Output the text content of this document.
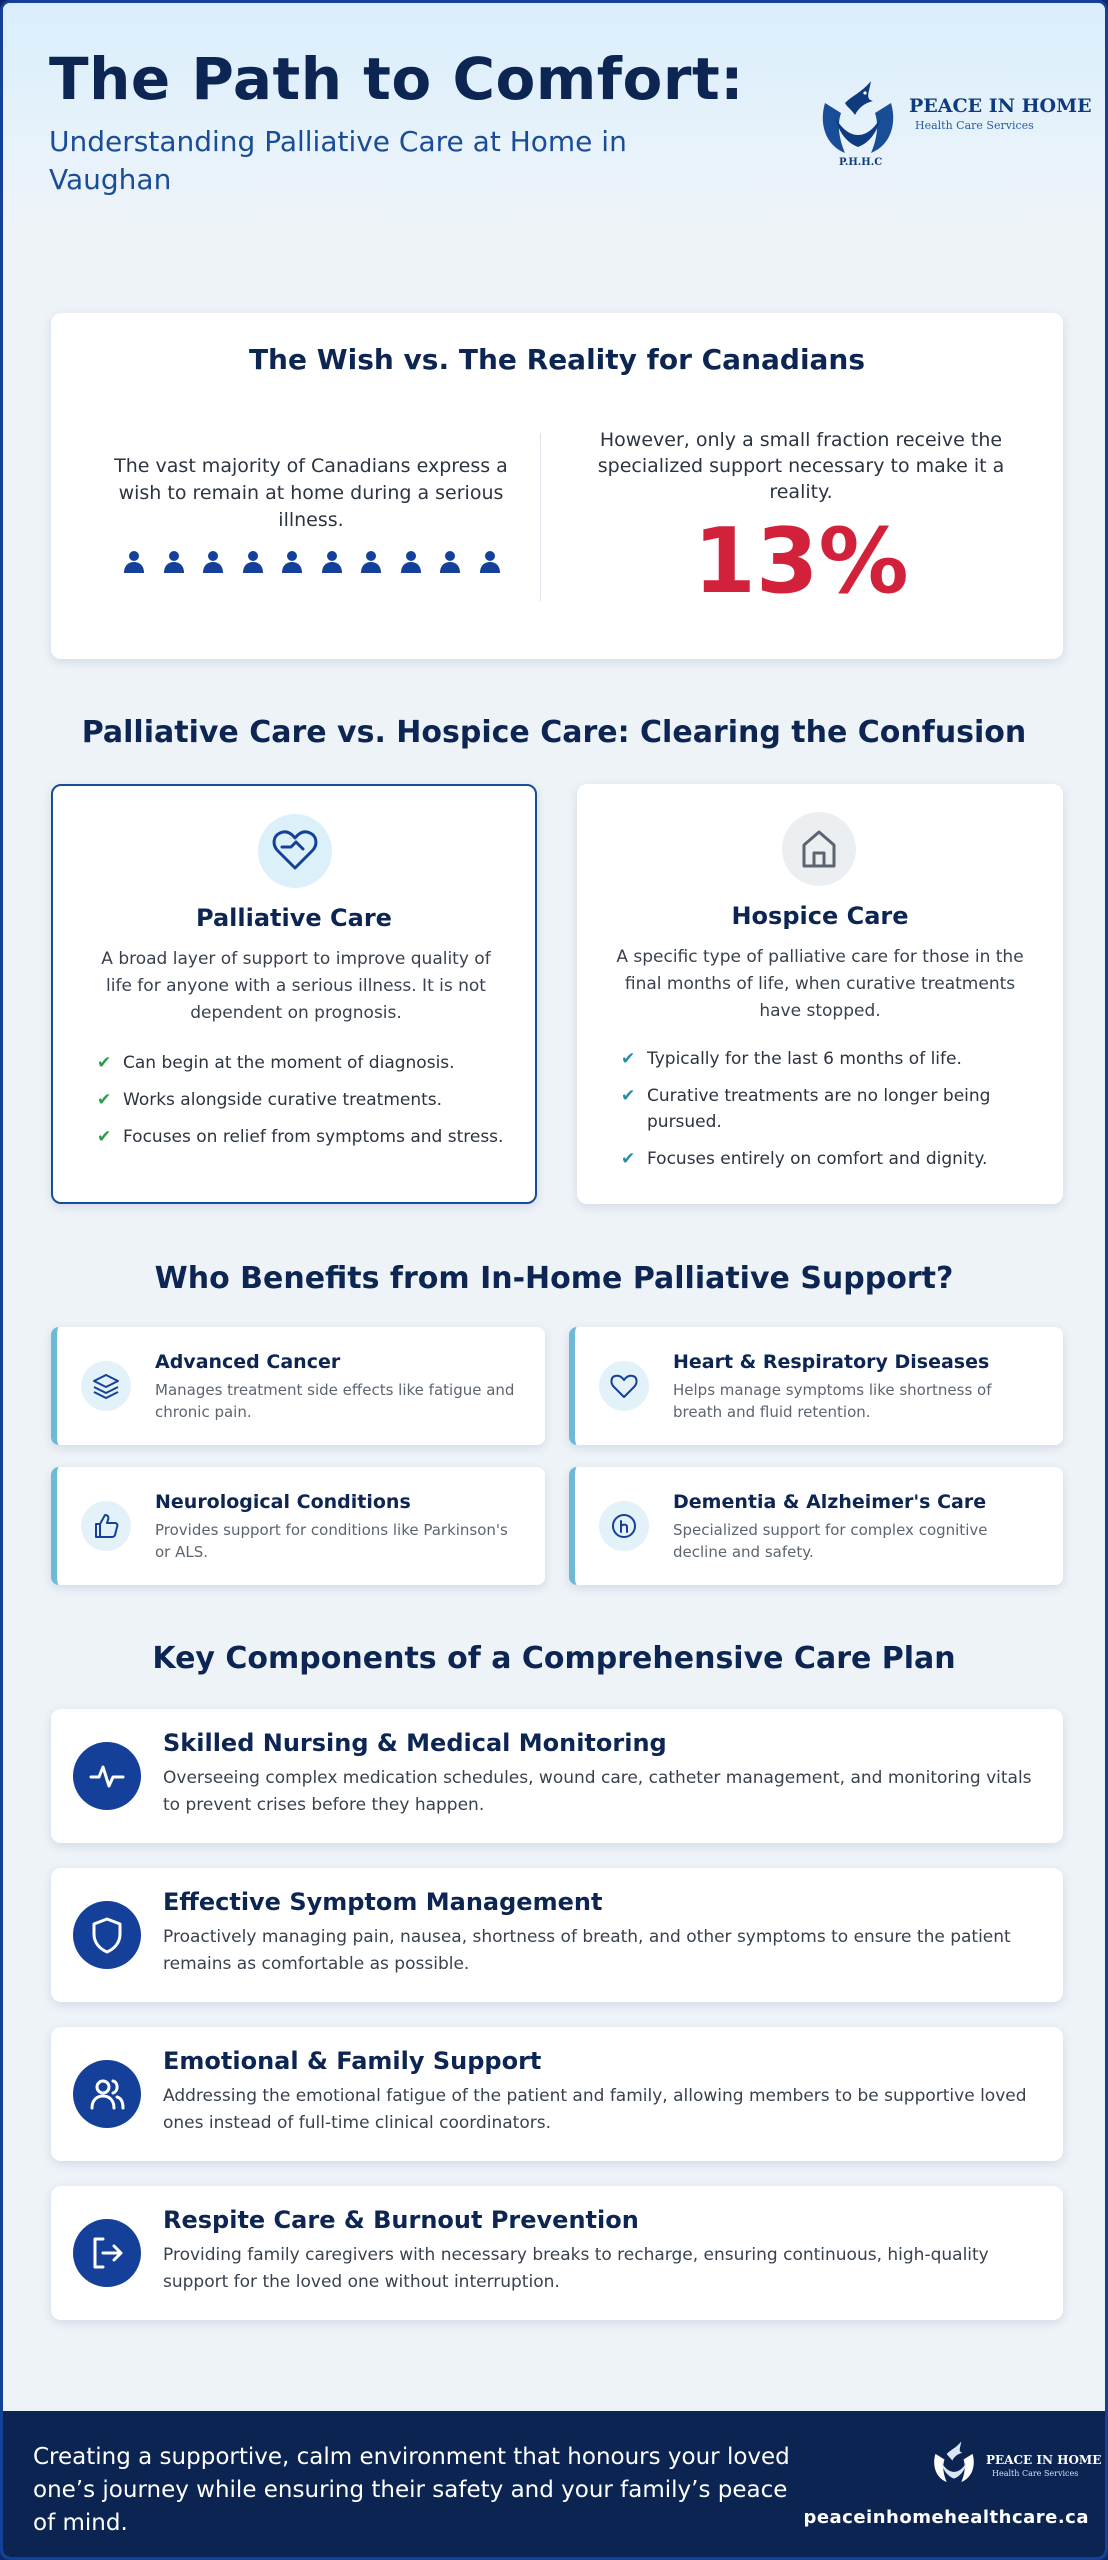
The Path to Comfort:
Understanding Palliative Care at Home in Vaughan
PEACE IN HOME
Health Care Services
P.H.H.C
The Wish vs. The Reality for Canadians
The vast majority of Canadians express a wish to remain at home during a serious illness.
However, only a small fraction receive the specialized support necessary to make it a reality.
13%
Palliative Care vs. Hospice Care: Clearing the Confusion
Palliative Care
A broad layer of support to improve quality of life for anyone with a serious illness. It is not dependent on prognosis.
✔ Can begin at the moment of diagnosis.
✔ Works alongside curative treatments.
✔ Focuses on relief from symptoms and stress.
Hospice Care
A specific type of palliative care for those in the final months of life, when curative treatments have stopped.
✔ Typically for the last 6 months of life.
✔ Curative treatments are no longer being pursued.
✔ Focuses entirely on comfort and dignity.
Who Benefits from In-Home Palliative Support?
Advanced Cancer
Manages treatment side effects like fatigue and chronic pain.
Heart & Respiratory Diseases
Helps manage symptoms like shortness of breath and fluid retention.
Neurological Conditions
Provides support for conditions like Parkinson's or ALS.
Dementia & Alzheimer's Care
Specialized support for complex cognitive decline and safety.
Key Components of a Comprehensive Care Plan
Skilled Nursing & Medical Monitoring
Overseeing complex medication schedules, wound care, catheter management, and monitoring vitals to prevent crises before they happen.
Effective Symptom Management
Proactively managing pain, nausea, shortness of breath, and other symptoms to ensure the patient remains as comfortable as possible.
Emotional & Family Support
Addressing the emotional fatigue of the patient and family, allowing members to be supportive loved ones instead of full-time clinical coordinators.
Respite Care & Burnout Prevention
Providing family caregivers with necessary breaks to recharge, ensuring continuous, high-quality support for the loved one without interruption.
Creating a supportive, calm environment that honours your loved one’s journey while ensuring their safety and your family’s peace of mind.
PEACE IN HOME
Health Care Services
peaceinhomehealthcare.ca
